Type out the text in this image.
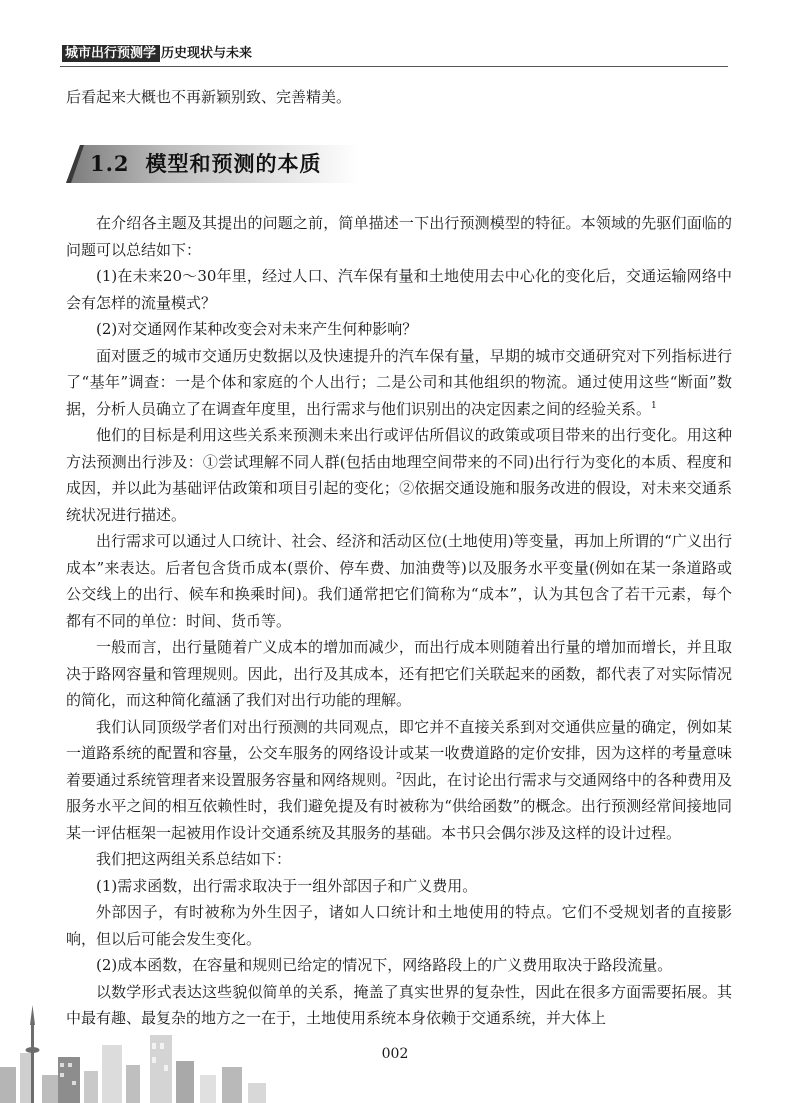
城市出行预测学 历史现状与未来

后看起来大概也不再新颖别致、完善精美。

1.2 模型和预测的本质

在介绍各主题及其提出的问题之前，简单描述一下出行预测模型的特征。本领域的先驱们面临的问题可以总结如下：

(1)在未来20～30年里，经过人口、汽车保有量和土地使用去中心化的变化后，交通运输网络中会有怎样的流量模式？

(2)对交通网作某种改变会对未来产生何种影响？

面对匮乏的城市交通历史数据以及快速提升的汽车保有量，早期的城市交通研究对下列指标进行了“基年”调查：一是个体和家庭的个人出行；二是公司和其他组织的物流。通过使用这些“断面”数据，分析人员确立了在调查年度里，出行需求与他们识别出的决定因素之间的经验关系。$^1$

他们的目标是利用这些关系来预测未来出行或评估所倡议的政策或项目带来的出行变化。用这种方法预测出行涉及：①尝试理解不同人群(包括由地理空间带来的不同)出行行为变化的本质、程度和成因，并以此为基础评估政策和项目引起的变化；②依据交通设施和服务改进的假设，对未来交通系统状况进行描述。

出行需求可以通过人口统计、社会、经济和活动区位(土地使用)等变量，再加上所谓的“广义出行成本”来表达。后者包含货币成本(票价、停车费、加油费等)以及服务水平变量(例如在某一条道路或公交线上的出行、候车和换乘时间)。我们通常把它们简称为“成本”，认为其包含了若干元素，每个都有不同的单位：时间、货币等。

一般而言，出行量随着广义成本的增加而减少，而出行成本则随着出行量的增加而增长，并且取决于路网容量和管理规则。因此，出行及其成本，还有把它们关联起来的函数，都代表了对实际情况的简化，而这种简化蕴涵了我们对出行功能的理解。

我们认同顶级学者们对出行预测的共同观点，即它并不直接关系到对交通供应量的确定，例如某一道路系统的配置和容量，公交车服务的网络设计或某一收费道路的定价安排，因为这样的考量意味着要通过系统管理者来设置服务容量和网络规则。$^2$因此，在讨论出行需求与交通网络中的各种费用及服务水平之间的相互依赖性时，我们避免提及有时被称为“供给函数”的概念。出行预测经常间接地同某一评估框架一起被用作设计交通系统及其服务的基础。本书只会偶尔涉及这样的设计过程。

我们把这两组关系总结如下：

(1)需求函数，出行需求取决于一组外部因子和广义费用。

外部因子，有时被称为外生因子，诸如人口统计和土地使用的特点。它们不受规划者的直接影响，但以后可能会发生变化。

(2)成本函数，在容量和规则已给定的情况下，网络路段上的广义费用取决于路段流量。

以数学形式表达这些貌似简单的关系，掩盖了真实世界的复杂性，因此在很多方面需要拓展。其中最有趣、最复杂的地方之一在于，土地使用系统本身依赖于交通系统，并大体上

002
